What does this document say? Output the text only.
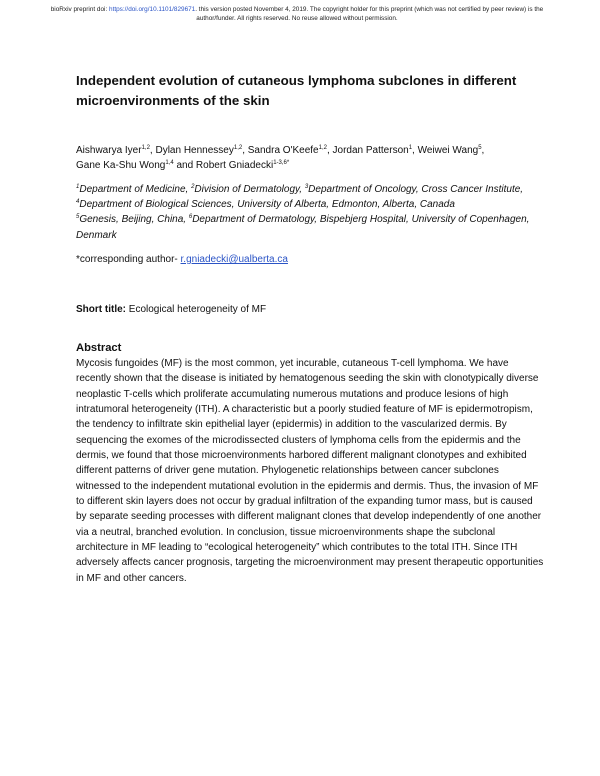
bioRxiv preprint doi: https://doi.org/10.1101/829671. this version posted November 4, 2019. The copyright holder for this preprint (which was not certified by peer review) is the author/funder. All rights reserved. No reuse allowed without permission.
Independent evolution of cutaneous lymphoma subclones in different microenvironments of the skin
Aishwarya Iyer$^{1,2}$, Dylan Hennessey$^{1,2}$, Sandra O'Keefe$^{1,2}$, Jordan Patterson$^1$, Weiwei Wang$^5$,
Gane Ka-Shu Wong$^{1,4}$ and Robert Gniadecki$^{1-3,6*}$
$^1$Department of Medicine, $^2$Division of Dermatology, $^3$Department of Oncology, Cross Cancer Institute, $^4$Department of Biological Sciences, University of Alberta, Edmonton, Alberta, Canada
$^5$Genesis, Beijing, China, $^6$Department of Dermatology, Bispebjerg Hospital, University of Copenhagen, Denmark
*corresponding author- r.gniadecki@ualberta.ca
Short title: Ecological heterogeneity of MF
Abstract

Mycosis fungoides (MF) is the most common, yet incurable, cutaneous T-cell lymphoma. We have recently shown that the disease is initiated by hematogenous seeding the skin with clonotypically diverse neoplastic T-cells which proliferate accumulating numerous mutations and produce lesions of high intratumoral heterogeneity (ITH). A characteristic but a poorly studied feature of MF is epidermotropism, the tendency to infiltrate skin epithelial layer (epidermis) in addition to the vascularized dermis. By sequencing the exomes of the microdissected clusters of lymphoma cells from the epidermis and the dermis, we found that those microenvironments harbored different malignant clonotypes and exhibited different patterns of driver gene mutation. Phylogenetic relationships between cancer subclones witnessed to the independent mutational evolution in the epidermis and dermis. Thus, the invasion of MF to different skin layers does not occur by gradual infiltration of the expanding tumor mass, but is caused by separate seeding processes with different malignant clones that develop independently of one another via a neutral, branched evolution. In conclusion, tissue microenvironments shape the subclonal architecture in MF leading to “ecological heterogeneity” which contributes to the total ITH. Since ITH adversely affects cancer prognosis, targeting the microenvironment may present therapeutic opportunities in MF and other cancers.
